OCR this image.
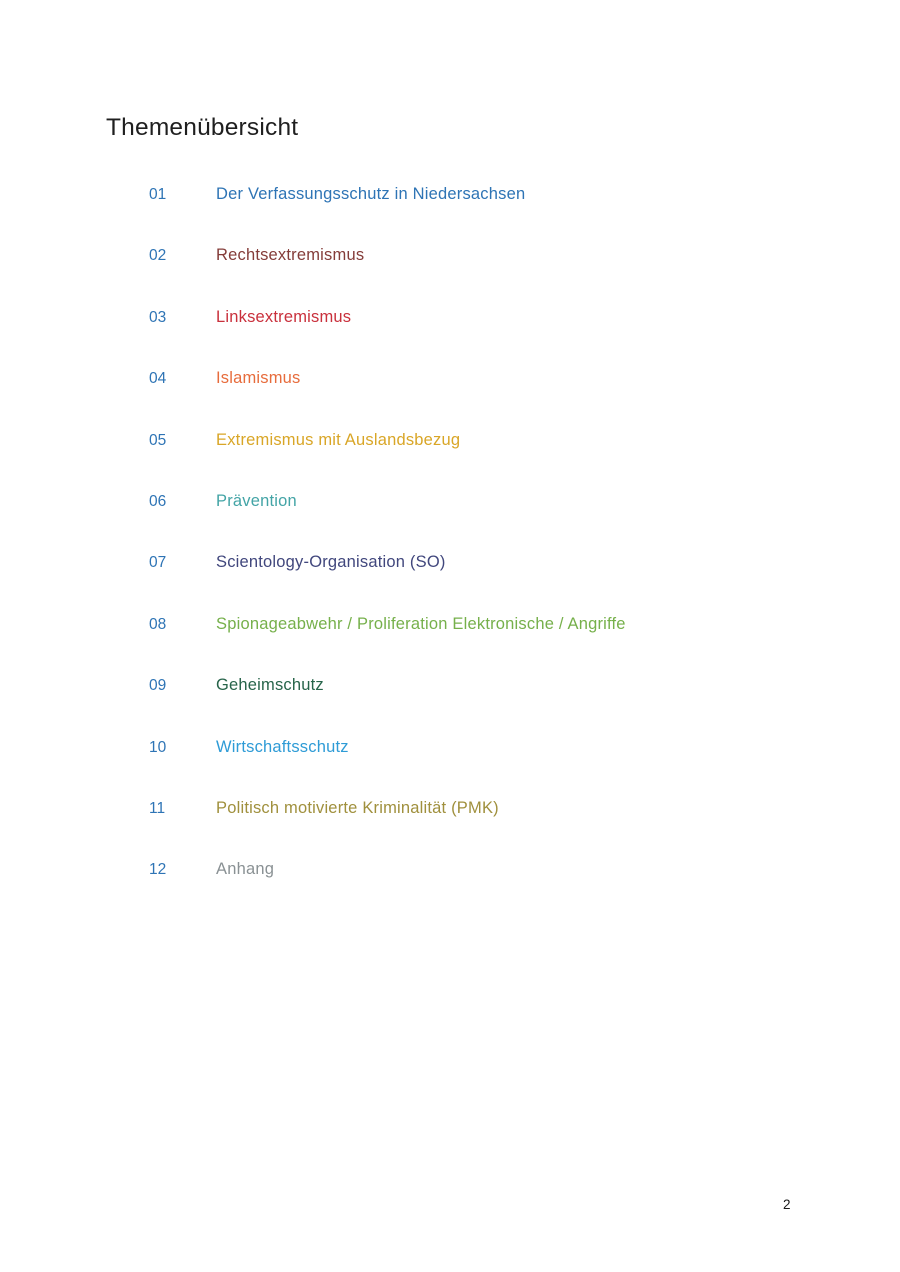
Themenübersicht
01	Der Verfassungsschutz in Niedersachsen
02	Rechtsextremismus
03	Linksextremismus
04	Islamismus
05	Extremismus mit Auslandsbezug
06	Prävention
07	Scientology-Organisation (SO)
08	Spionageabwehr / Proliferation Elektronische / Angriffe
09	Geheimschutz
10	Wirtschaftsschutz
11	Politisch motivierte Kriminalität (PMK)
12	Anhang
2
